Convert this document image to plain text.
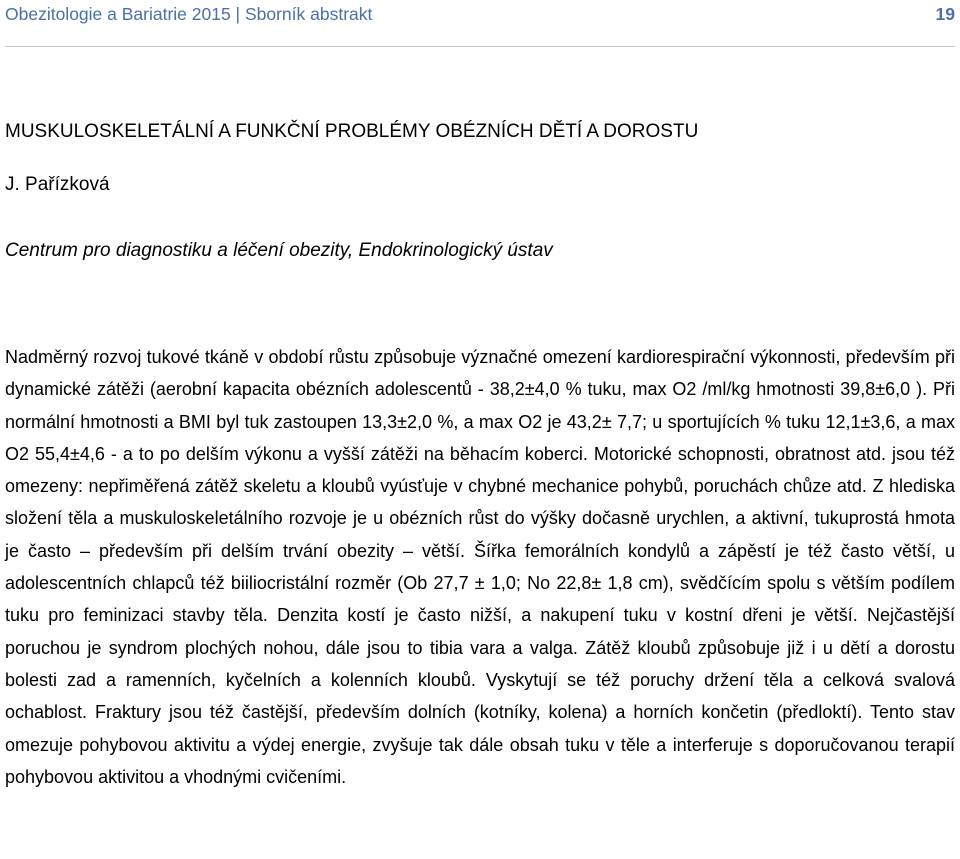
Obezitologie a Bariatrie 2015 | Sborník abstrakt	19
MUSKULOSKELETÁLNÍ A FUNKČNÍ PROBLÉMY OBÉZNÍCH DĚTÍ A DOROSTU
J. Pařízková
Centrum pro diagnostiku a léčení obezity, Endokrinologický ústav
Nadměrný rozvoj tukové tkáně v období růstu způsobuje význačné omezení kardiorespirační výkonnosti, především při dynamické zátěži (aerobní kapacita obézních adolescentů - 38,2±4,0 % tuku, max O2 /ml/kg hmotnosti 39,8±6,0 ). Při normální hmotnosti a BMI byl tuk zastoupen 13,3±2,0 %, a max O2 je 43,2± 7,7; u sportujících % tuku 12,1±3,6, a max O2 55,4±4,6 - a to po delším výkonu a vyšší zátěži na běhacím koberci. Motorické schopnosti, obratnost atd. jsou též omezeny: nepřiměřená zátěž skeletu a kloubů vyúsťuje v chybné mechanice pohybů, poruchách chůze atd. Z hlediska složení těla a muskuloskeletálního rozvoje je u obézních růst do výšky dočasně urychlen, a aktivní, tukuprostá hmota je často – především při delším trvání obezity – větší. Šířka femorálních kondylů a zápěstí je též často větší, u adolescentních chlapců též biiliocristální rozměr (Ob 27,7 ± 1,0; No 22,8± 1,8 cm), svědčícím spolu s větším podílem tuku pro feminizaci stavby těla. Denzita kostí je často nižší, a nakupení tuku v kostní dřeni je větší. Nejčastější poruchou je syndrom plochých nohou, dále jsou to tibia vara a valga. Zátěž kloubů způsobuje již i u dětí a dorostu bolesti zad a ramenních, kyčelních a kolenních kloubů. Vyskytují se též poruchy držení těla a celková svalová ochablost. Fraktury jsou též častější, především dolních (kotníky, kolena) a horních končetin (předloktí). Tento stav omezuje pohybovou aktivitu a výdej energie, zvyšuje tak dále obsah tuku v těle a interferuje s doporučovanou terapií pohybovou aktivitou a vhodnými cvičeními.
